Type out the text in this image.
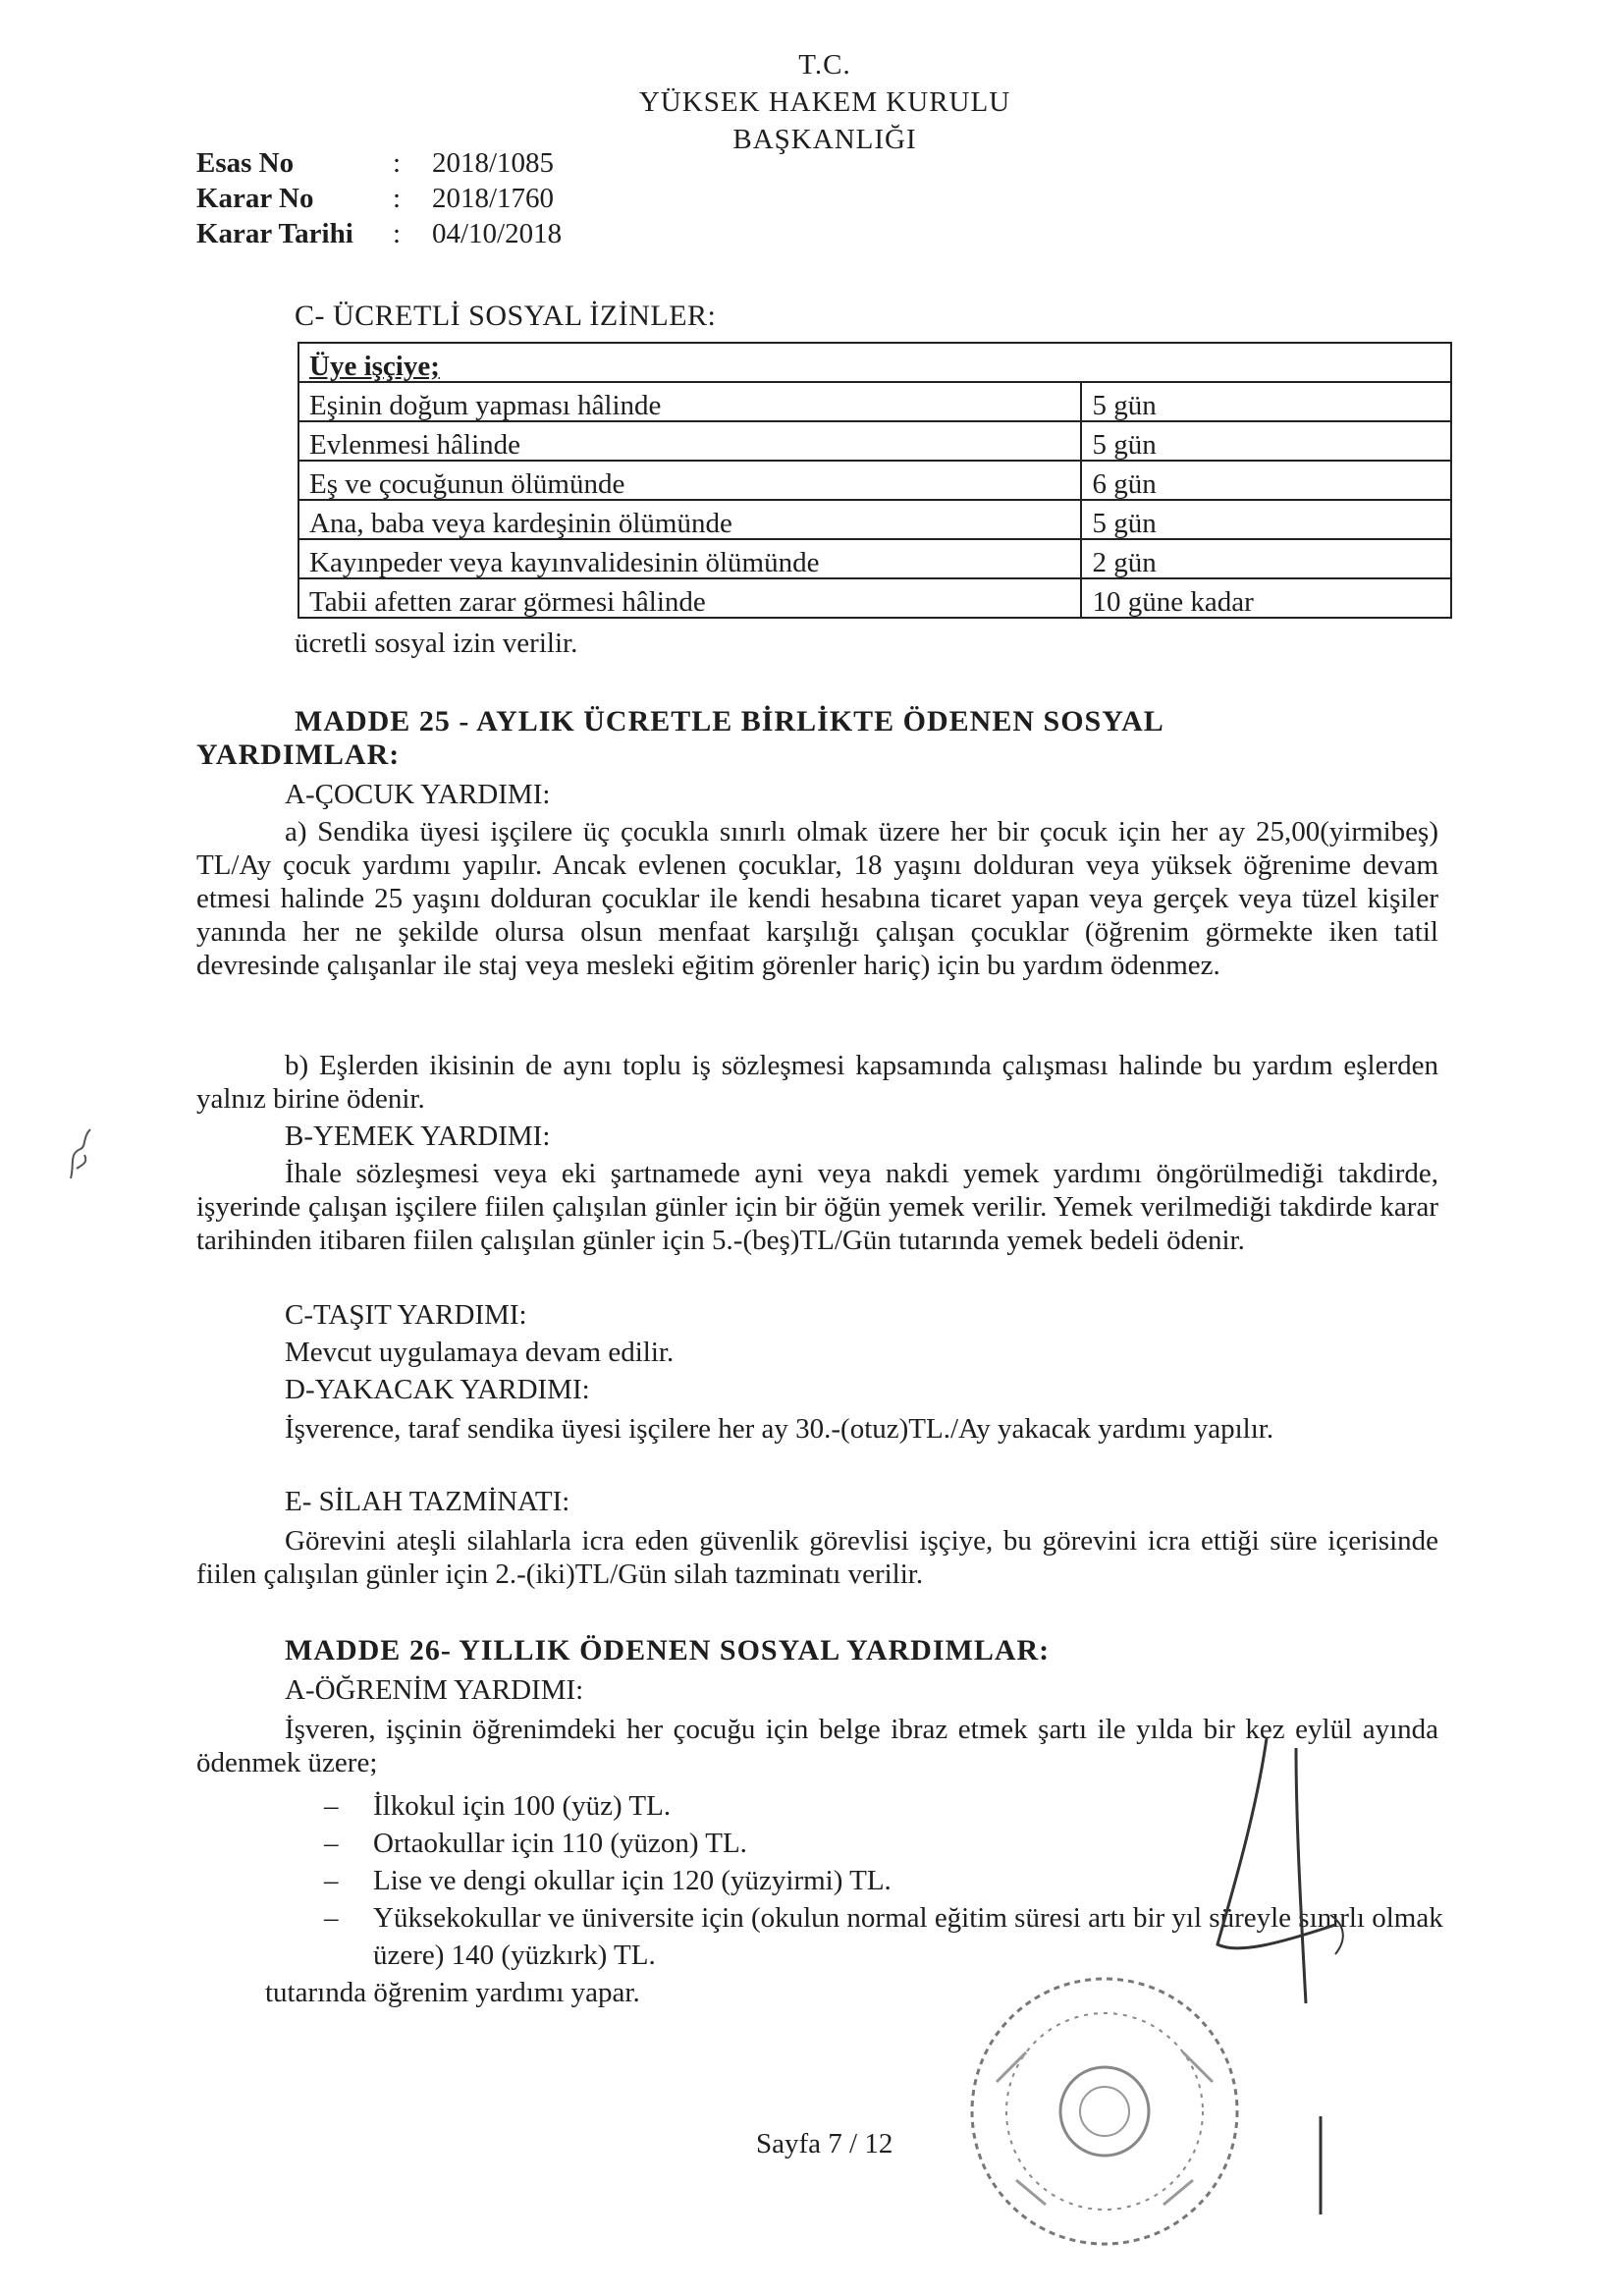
T.C.
YÜKSEK HAKEM KURULU
BAŞKANLIĞI
Esas No	:	2018/1085
Karar No	:	2018/1760
Karar Tarihi	:	04/10/2018
C- ÜCRETLİ SOSYAL İZİNLER:
Üye işçiye;	
Eşinin doğum yapması hâlinde	5 gün
Evlenmesi hâlinde	5 gün
Eş ve çocuğunun ölümünde	6 gün
Ana, baba veya kardeşinin ölümünde	5 gün
Kayınpeder veya kayınvalidesinin ölümünde	2 gün
Tabii afetten zarar görmesi hâlinde	10 güne kadar
ücretli sosyal izin verilir.
MADDE 25 - AYLIK ÜCRETLE BİRLİKTE ÖDENEN SOSYAL
YARDIMLAR:
A-ÇOCUK YARDIMI:
a) Sendika üyesi işçilere üç çocukla sınırlı olmak üzere her bir çocuk için her ay 25,00(yirmibeş) TL/Ay çocuk yardımı yapılır. Ancak evlenen çocuklar, 18 yaşını dolduran veya yüksek öğrenime devam etmesi halinde 25 yaşını dolduran çocuklar ile kendi hesabına ticaret yapan veya gerçek veya tüzel kişiler yanında her ne şekilde olursa olsun menfaat karşılığı çalışan çocuklar (öğrenim görmekte iken tatil devresinde çalışanlar ile staj veya mesleki eğitim görenler hariç) için bu yardım ödenmez.
b) Eşlerden ikisinin de aynı toplu iş sözleşmesi kapsamında çalışması halinde bu yardım eşlerden yalnız birine ödenir.
B-YEMEK YARDIMI:
İhale sözleşmesi veya eki şartnamede ayni veya nakdi yemek yardımı öngörülmediği takdirde, işyerinde çalışan işçilere fiilen çalışılan günler için bir öğün yemek verilir. Yemek verilmediği takdirde karar tarihinden itibaren fiilen çalışılan günler için 5.-(beş)TL/Gün tutarında yemek bedeli ödenir.
C-TAŞIT YARDIMI:
Mevcut uygulamaya devam edilir.
D-YAKACAK YARDIMI:
İşverence, taraf sendika üyesi işçilere her ay 30.-(otuz)TL./Ay yakacak yardımı yapılır.
E- SİLAH TAZMİNATI:
Görevini ateşli silahlarla icra eden güvenlik görevlisi işçiye, bu görevini icra ettiği süre içerisinde fiilen çalışılan günler için 2.-(iki)TL/Gün silah tazminatı verilir.
MADDE 26- YILLIK ÖDENEN SOSYAL YARDIMLAR:
A-ÖĞRENİM YARDIMI:
İşveren, işçinin öğrenimdeki her çocuğu için belge ibraz etmek şartı ile yılda bir kez eylül ayında ödenmek üzere;
–	İlkokul için 100 (yüz) TL.
–	Ortaokullar için 110 (yüzon) TL.
–	Lise ve dengi okullar için 120 (yüzyirmi) TL.
–	Yüksekokullar ve üniversite için (okulun normal eğitim süresi artı bir yıl süreyle sınırlı olmak üzere) 140 (yüzkırk) TL.
tutarında öğrenim yardımı yapar.
Sayfa 7 / 12
